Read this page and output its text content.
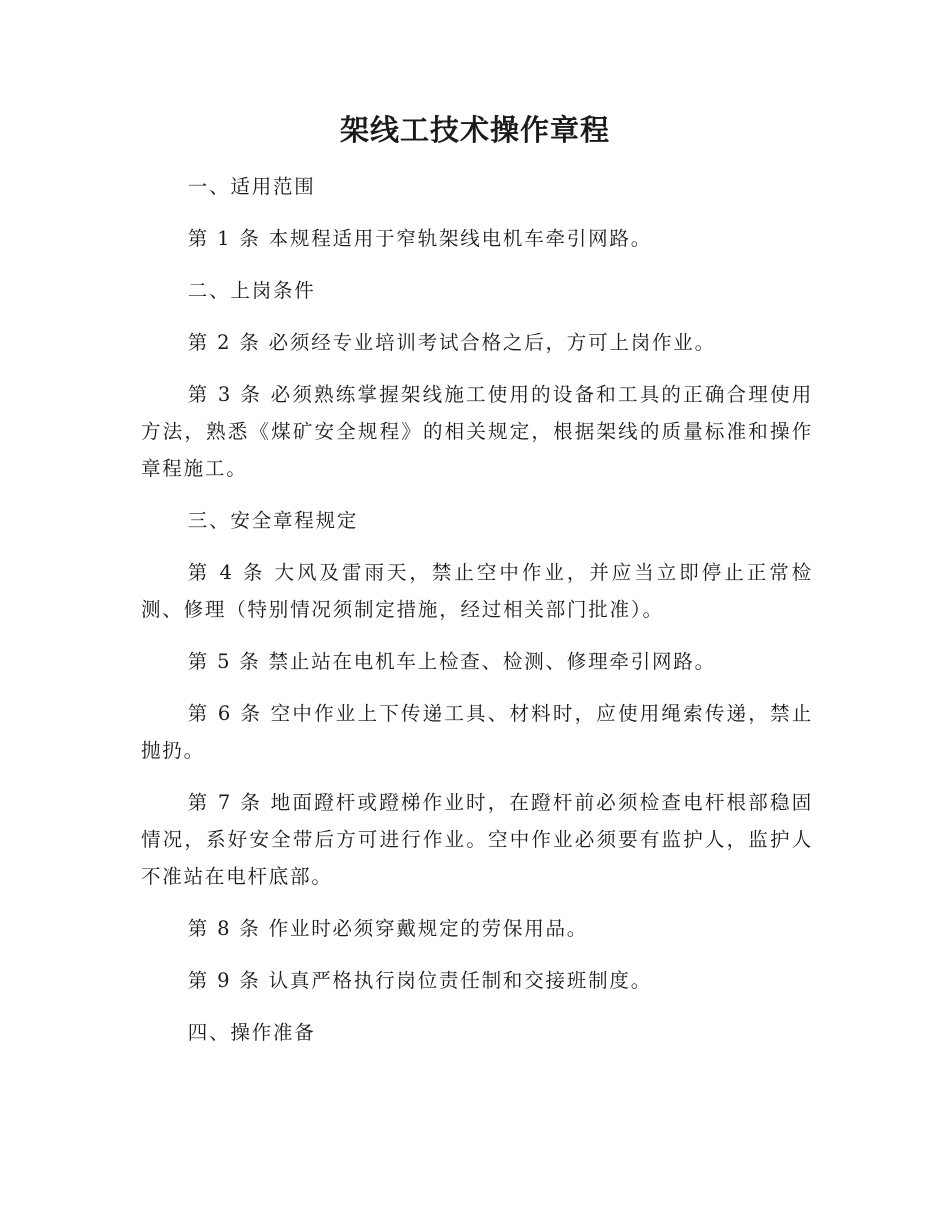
架线工技术操作章程

一、适用范围

第 1 条 本规程适用于窄轨架线电机车牵引网路。

二、上岗条件

第 2 条 必须经专业培训考试合格之后，方可上岗作业。

第 3 条 必须熟练掌握架线施工使用的设备和工具的正确合理使用方法，熟悉《煤矿安全规程》的相关规定，根据架线的质量标准和操作章程施工。

三、安全章程规定

第 4 条 大风及雷雨天，禁止空中作业，并应当立即停止正常检测、修理（特别情况须制定措施，经过相关部门批准）。

第 5 条 禁止站在电机车上检查、检测、修理牵引网路。

第 6 条 空中作业上下传递工具、材料时，应使用绳索传递，禁止抛扔。

第 7 条 地面蹬杆或蹬梯作业时，在蹬杆前必须检查电杆根部稳固情况，系好安全带后方可进行作业。空中作业必须要有监护人，监护人不准站在电杆底部。

第 8 条 作业时必须穿戴规定的劳保用品。

第 9 条 认真严格执行岗位责任制和交接班制度。

四、操作准备
